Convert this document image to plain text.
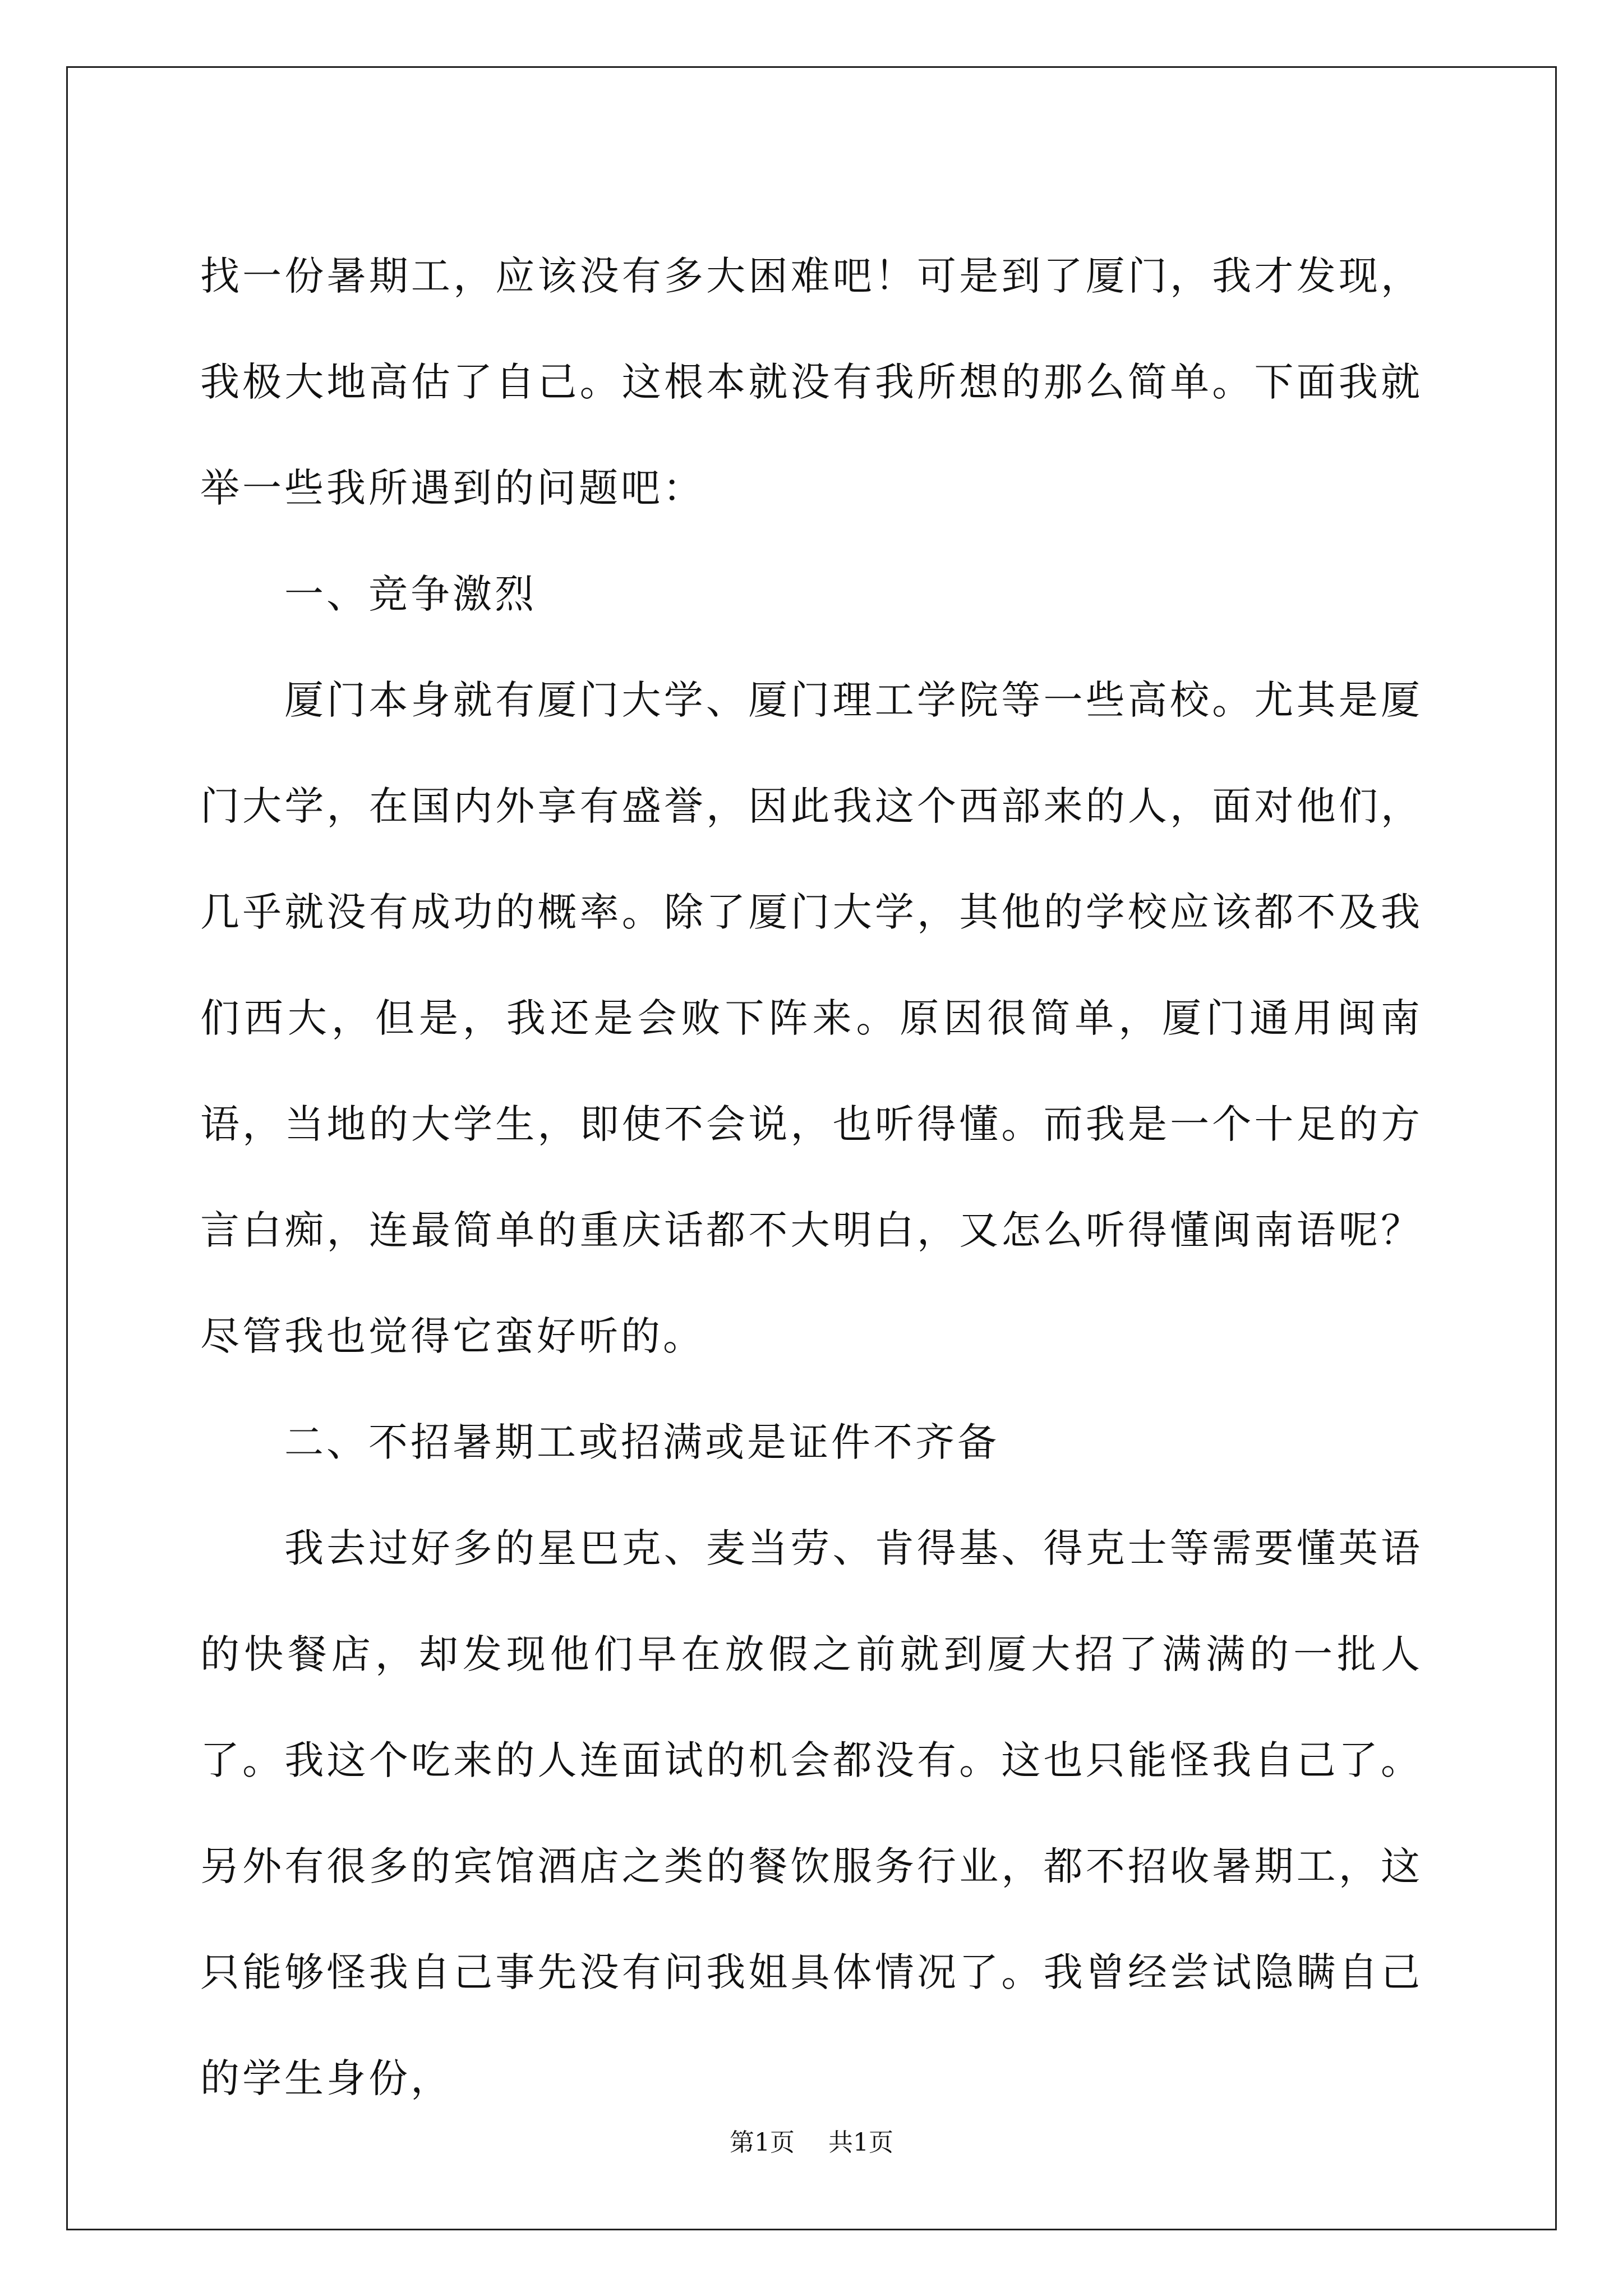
找一份暑期工，应该没有多大困难吧！可是到了厦门，我才发现，我极大地高估了自己。这根本就没有我所想的那么简单。下面我就举一些我所遇到的问题吧：

一、竞争激烈

厦门本身就有厦门大学、厦门理工学院等一些高校。尤其是厦门大学，在国内外享有盛誉，因此我这个西部来的人，面对他们，几乎就没有成功的概率。除了厦门大学，其他的学校应该都不及我们西大，但是，我还是会败下阵来。原因很简单，厦门通用闽南语，当地的大学生，即使不会说，也听得懂。而我是一个十足的方言白痴，连最简单的重庆话都不大明白，又怎么听得懂闽南语呢？尽管我也觉得它蛮好听的。

二、不招暑期工或招满或是证件不齐备

我去过好多的星巴克、麦当劳、肯得基、得克士等需要懂英语的快餐店，却发现他们早在放假之前就到厦大招了满满的一批人了。我这个吃来的人连面试的机会都没有。这也只能怪我自己了。另外有很多的宾馆酒店之类的餐饮服务行业，都不招收暑期工，这只能够怪我自己事先没有问我姐具体情况了。我曾经尝试隐瞒自己的学生身份，

第1页 共1页
